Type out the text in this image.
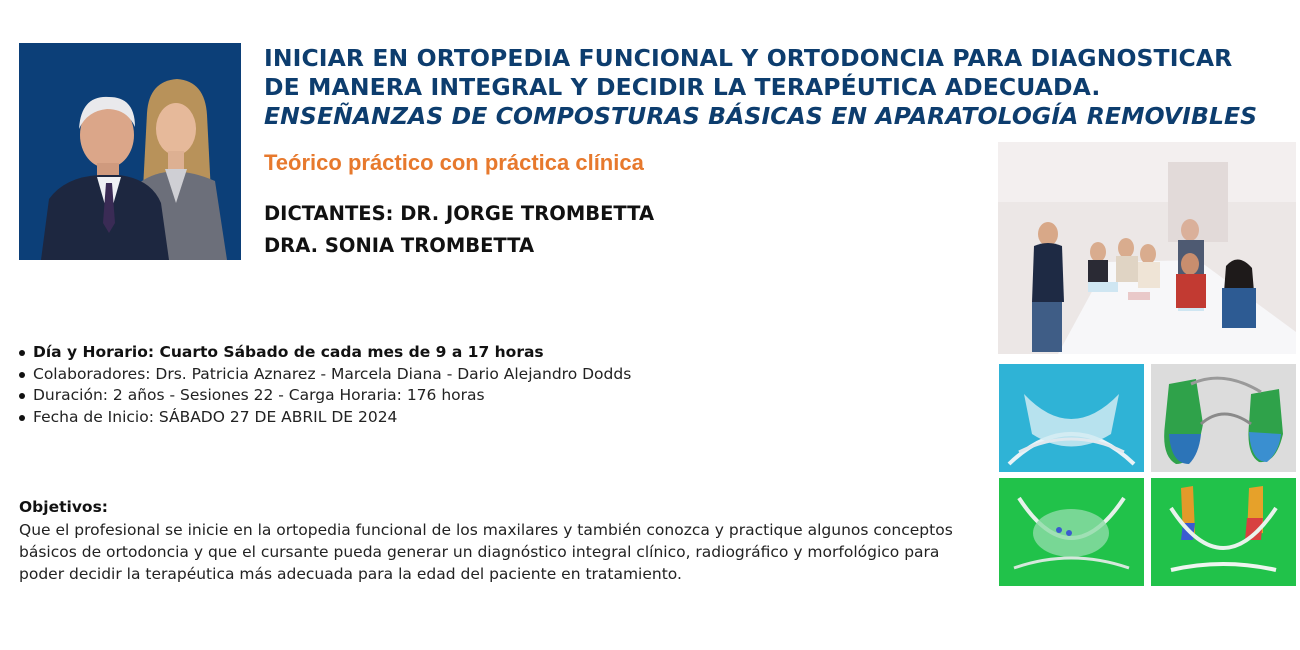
INICIAR EN ORTOPEDIA FUNCIONAL Y ORTODONCIA PARA DIAGNOSTICAR
DE MANERA INTEGRAL Y DECIDIR LA TERAPÉUTICA ADECUADA.
ENSEÑANZAS DE COMPOSTURAS BÁSICAS EN APARATOLOGÍA REMOVIBLES
Teórico práctico con práctica clínica
DICTANTES: DR. JORGE TROMBETTA
DRA. SONIA TROMBETTA
Día y Horario: Cuarto Sábado de cada mes de 9 a 17 horas
Colaboradores: Drs. Patricia Aznarez - Marcela Diana - Dario Alejandro Dodds
Duración: 2 años - Sesiones 22 - Carga Horaria: 176 horas
Fecha de Inicio: SÁBADO 27 DE ABRIL DE 2024
Objetivos:
Que el profesional se inicie en la ortopedia funcional de los maxilares y también conozca y practique algunos conceptos básicos de ortodoncia y que el cursante pueda generar un diagnóstico integral clínico, radiográfico y morfológico para poder decidir la terapéutica más adecuada para la edad del paciente en tratamiento.
